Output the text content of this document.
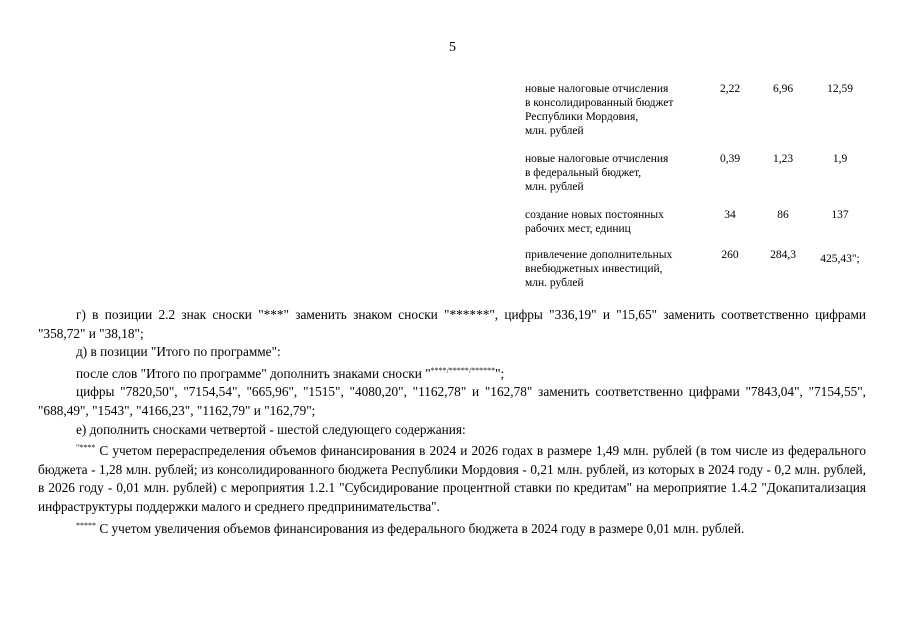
5
новые налоговые отчисления
в консолидированный бюджет
Республики Мордовия,
млн. рублей
2,22	6,96	12,59
новые налоговые отчисления
в федеральный бюджет,
млн. рублей
0,39	1,23	1,9
создание новых постоянных
рабочих мест, единиц
34	86	137
привлечение дополнительных
внебюджетных инвестиций,
млн. рублей
260	284,3	425,43";

г) в позиции 2.2 знак сноски "***" заменить знаком сноски "******", цифры "336,19" и "15,65" заменить соответственно цифрами "358,72" и "38,18";

д) в позиции "Итого по программе":

после слов "Итого по программе" дополнить знаками сноски "****/*****/******";

цифры "7820,50", "7154,54", "665,96", "1515", "4080,20", "1162,78" и "162,78" заменить соответственно цифрами "7843,04", "7154,55", "688,49", "1543", "4166,23", "1162,79" и "162,79";

е) дополнить сносками четвертой - шестой следующего содержания:

"**** С учетом перераспределения объемов финансирования в 2024 и 2026 годах в размере 1,49 млн. рублей (в том числе из федерального бюджета - 1,28 млн. рублей; из консолидированного бюджета Республики Мордовия - 0,21 млн. рублей, из которых в 2024 году - 0,2 млн. рублей, в 2026 году - 0,01 млн. рублей) с мероприятия 1.2.1 "Субсидирование процентной ставки по кредитам" на мероприятие 1.4.2 "Докапитализация инфраструктуры поддержки малого и среднего предпринимательства".

***** С учетом увеличения объемов финансирования из федерального бюджета в 2024 году в размере 0,01 млн. рублей.
